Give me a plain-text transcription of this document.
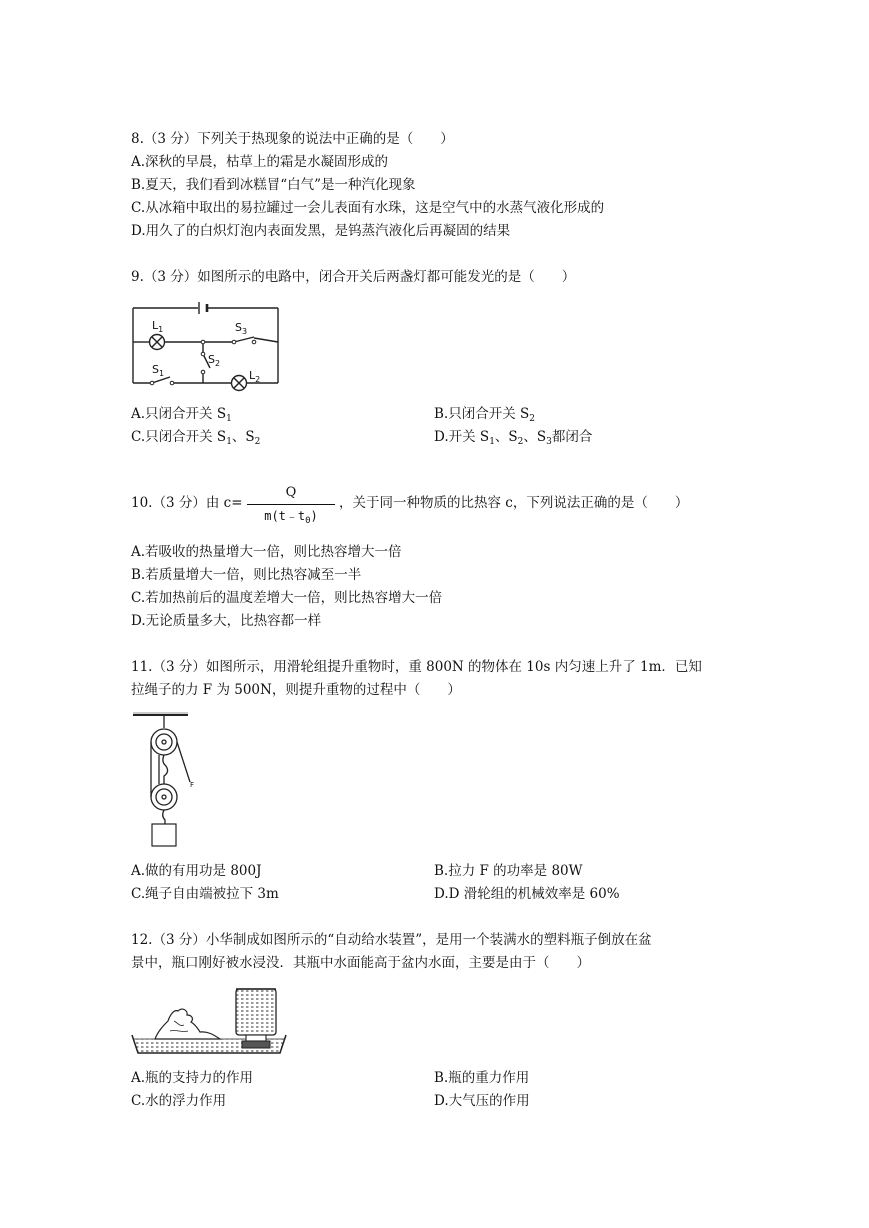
8.（3 分）下列关于热现象的说法中正确的是（　　）
A.深秋的早晨，枯草上的霜是水凝固形成的
B.夏天，我们看到冰糕冒“白气”是一种汽化现象
C.从冰箱中取出的易拉罐过一会儿表面有水珠，这是空气中的水蒸气液化形成的
D.用久了的白炽灯泡内表面发黑，是钨蒸汽液化后再凝固的结果
9.（3 分）如图所示的电路中，闭合开关后两盏灯都可能发光的是（　　）
$L_1$	$S_3$
$S_2$
$S_1$	$L_2$
A.只闭合开关 $S_1$	B.只闭合开关 $S_2$
C.只闭合开关 $S_1$、$S_2$	D.开关 $S_1$、$S_2$、$S_3$都闭合
10.（3 分）由 c=
Q
$m(t﹣t_0)$
，关于同一种物质的比热容 c，下列说法正确的是（　　）
A.若吸收的热量增大一倍，则比热容增大一倍
B.若质量增大一倍，则比热容减至一半
C.若加热前后的温度差增大一倍，则比热容增大一倍
D.无论质量多大，比热容都一样
11.（3 分）如图所示，用滑轮组提升重物时，重 800N 的物体在 10s 内匀速上升了 1m．已知
拉绳子的力 F 为 500N，则提升重物的过程中（　　）
F
A.做的有用功是 800J	B.拉力 F 的功率是 80W
C.绳子自由端被拉下 3m	D.D 滑轮组的机械效率是 60%
12.（3 分）小华制成如图所示的“自动给水装置”，是用一个装满水的塑料瓶子倒放在盆
景中，瓶口刚好被水浸没．其瓶中水面能高于盆内水面，主要是由于（　　）
A.瓶的支持力的作用	B.瓶的重力作用
C.水的浮力作用	D.大气压的作用
